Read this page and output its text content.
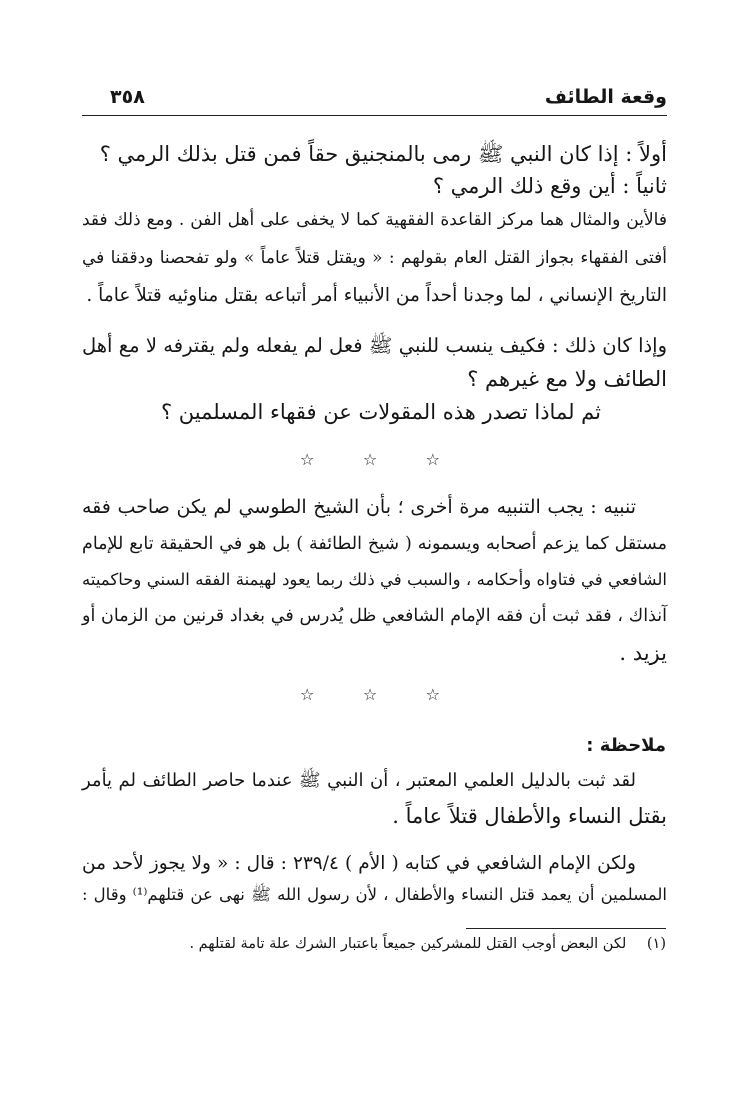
وقعة الطائف
٣٥٨
أولاً : إذا كان النبي ﷺ رمى بالمنجنيق حقاً فمن قتل بذلك الرمي ؟
ثانياً : أين وقع ذلك الرمي ؟
فالأين والمثال هما مركز القاعدة الفقهية كما لا يخفى على أهل الفن . ومع ذلك فقد
أفتى الفقهاء بجواز القتل العام بقولهم : « ويقتل قتلاً عاماً » ولو تفحصنا ودققنا في
التاريخ الإنساني ، لما وجدنا أحداً من الأنبياء أمر أتباعه بقتل مناوئيه قتلاً عاماً .
وإذا كان ذلك : فكيف ينسب للنبي ﷺ فعل لم يفعله ولم يقترفه لا مع أهل
الطائف ولا مع غيرهم ؟
ثم لماذا تصدر هذه المقولات عن فقهاء المسلمين ؟
☆	☆	☆
تنبيه : يجب التنبيه مرة أخرى ؛ بأن الشيخ الطوسي لم يكن صاحب فقه
مستقل كما يزعم أصحابه ويسمونه ( شيخ الطائفة ) بل هو في الحقيقة تابع للإمام
الشافعي في فتاواه وأحكامه ، والسبب في ذلك ربما يعود لهيمنة الفقه السني وحاكميته
آنذاك ، فقد ثبت أن فقه الإمام الشافعي ظل يُدرس في بغداد قرنين من الزمان أو
يزيد .
☆	☆	☆
ملاحظة :
لقد ثبت بالدليل العلمي المعتبر ، أن النبي ﷺ عندما حاصر الطائف لم يأمر
بقتل النساء والأطفال قتلاً عاماً .
ولكن الإمام الشافعي في كتابه ( الأم ) ٢٣٩/٤ : قال : « ولا يجوز لأحد من
المسلمين أن يعمد قتل النساء والأطفال ، لأن رسول الله ﷺ نهى عن قتلهم⁽¹⁾ وقال :
(١) لكن البعض أوجب القتل للمشركين جميعاً باعتبار الشرك علة تامة لقتلهم .
